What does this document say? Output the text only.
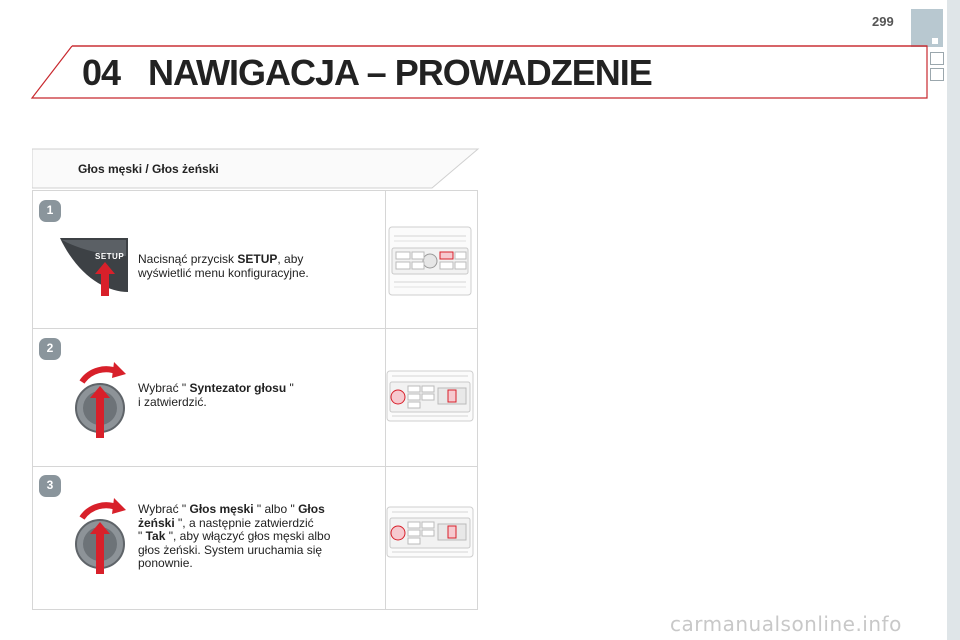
299
04 NAWIGACJA – PROWADZENIE
Głos męski / Głos żeński
1
SETUP Nacisnąć przycisk SETUP, aby
wyświetlić menu konfiguracyjne.
2
Wybrać " Syntezator głosu "
i zatwierdzić.
3
Wybrać " Głos męski " albo " Głos
żeński ", a następnie zatwierdzić
" Tak ", aby włączyć głos męski albo
głos żeński. System uruchamia się
ponownie.
carmanualsonline.info
